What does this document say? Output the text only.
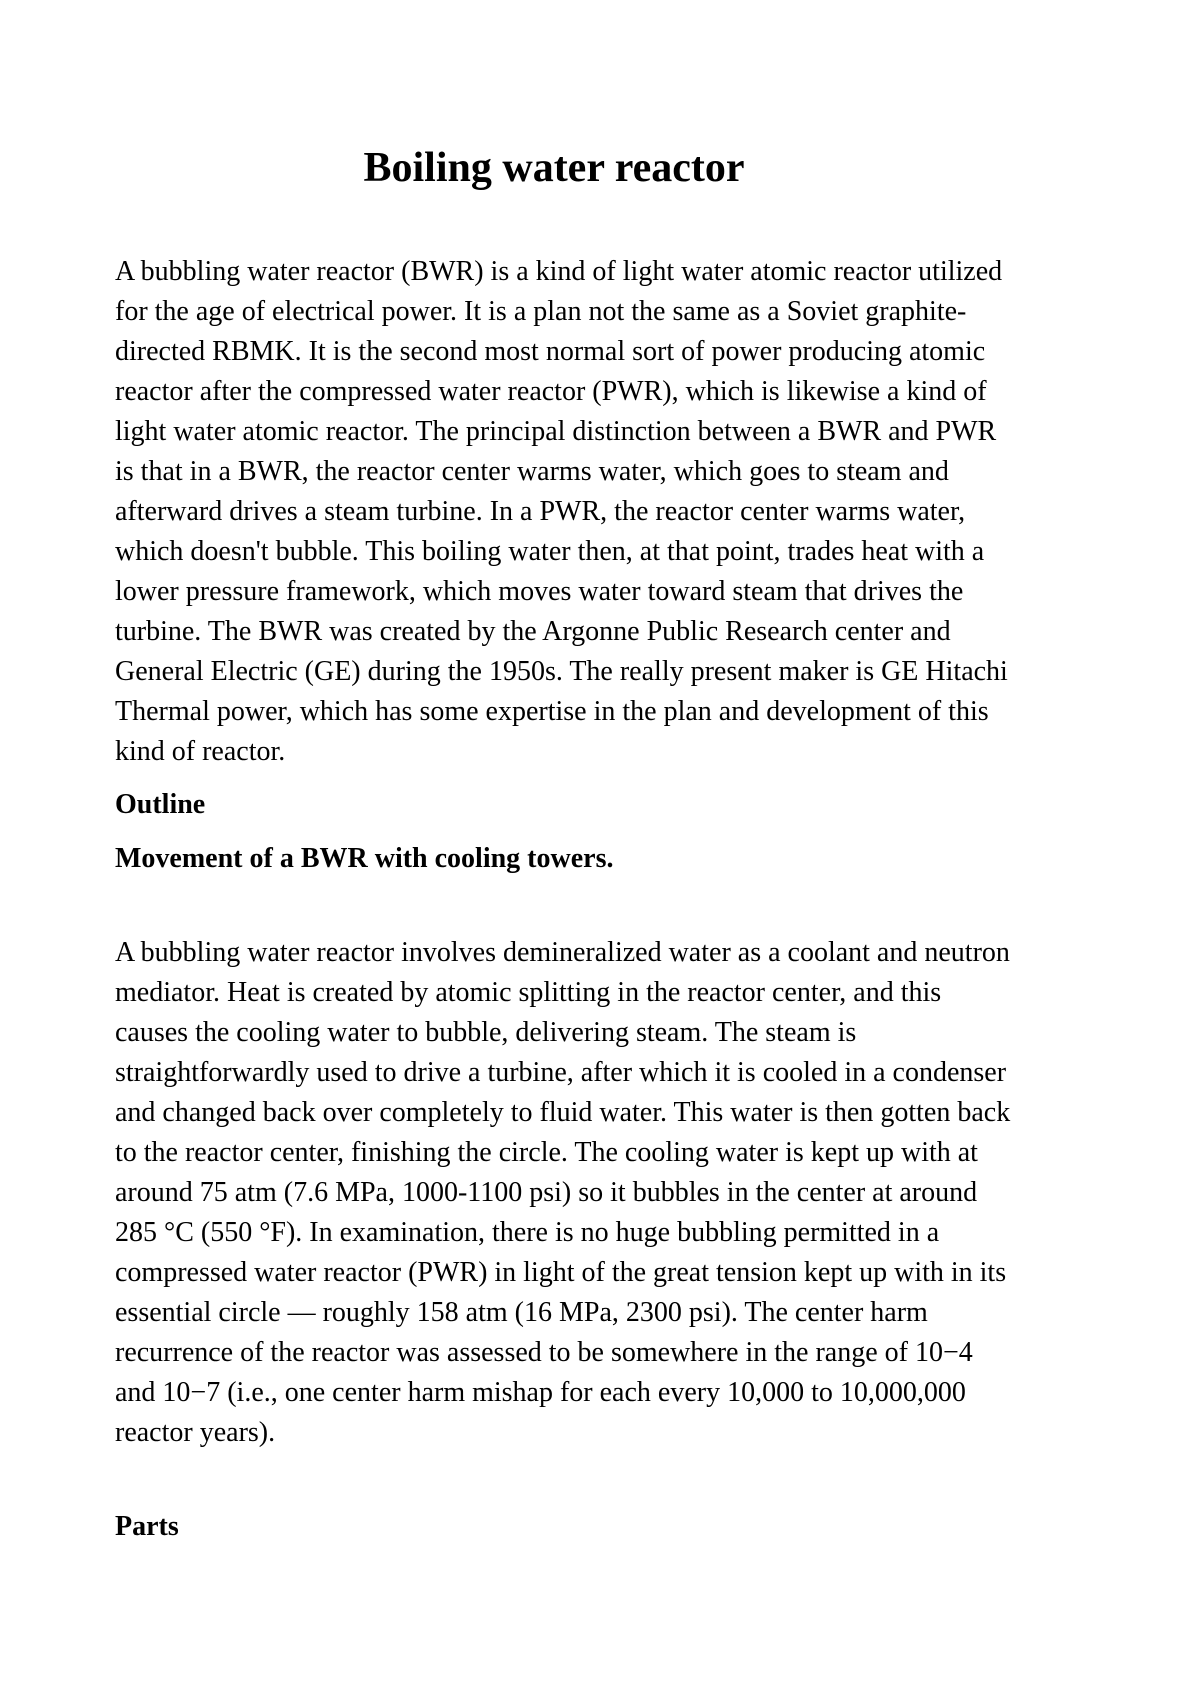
Boiling water reactor

A bubbling water reactor (BWR) is a kind of light water atomic reactor utilized
for the age of electrical power. It is a plan not the same as a Soviet graphite-
directed RBMK. It is the second most normal sort of power producing atomic
reactor after the compressed water reactor (PWR), which is likewise a kind of
light water atomic reactor. The principal distinction between a BWR and PWR
is that in a BWR, the reactor center warms water, which goes to steam and
afterward drives a steam turbine. In a PWR, the reactor center warms water,
which doesn't bubble. This boiling water then, at that point, trades heat with a
lower pressure framework, which moves water toward steam that drives the
turbine. The BWR was created by the Argonne Public Research center and
General Electric (GE) during the 1950s. The really present maker is GE Hitachi
Thermal power, which has some expertise in the plan and development of this
kind of reactor.

Outline
Movement of a BWR with cooling towers.

A bubbling water reactor involves demineralized water as a coolant and neutron
mediator. Heat is created by atomic splitting in the reactor center, and this
causes the cooling water to bubble, delivering steam. The steam is
straightforwardly used to drive a turbine, after which it is cooled in a condenser
and changed back over completely to fluid water. This water is then gotten back
to the reactor center, finishing the circle. The cooling water is kept up with at
around 75 atm (7.6 MPa, 1000-1100 psi) so it bubbles in the center at around
285 °C (550 °F). In examination, there is no huge bubbling permitted in a
compressed water reactor (PWR) in light of the great tension kept up with in its
essential circle — roughly 158 atm (16 MPa, 2300 psi). The center harm
recurrence of the reactor was assessed to be somewhere in the range of 10−4
and 10−7 (i.e., one center harm mishap for each every 10,000 to 10,000,000
reactor years).

Parts
